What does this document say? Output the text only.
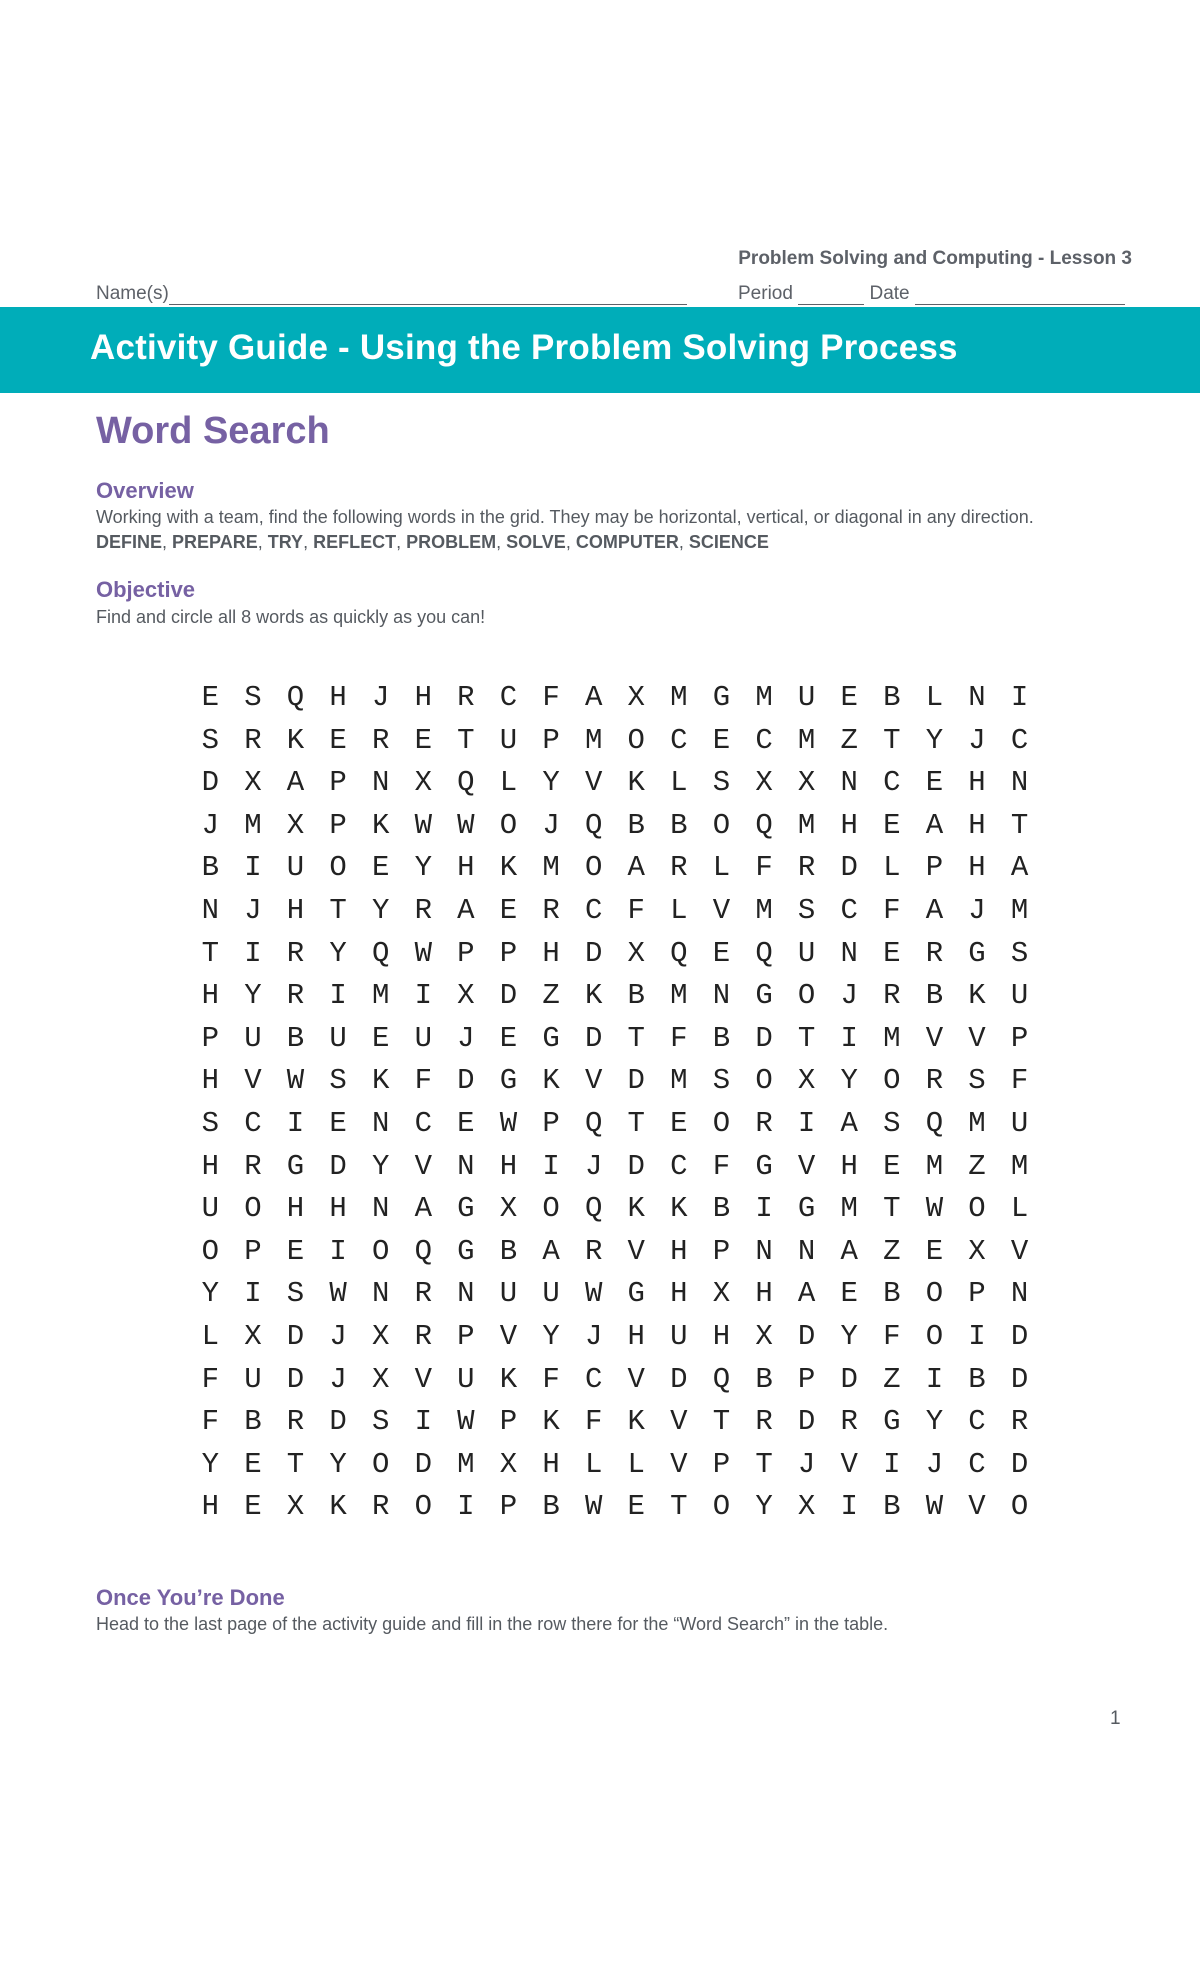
Problem Solving and Computing - Lesson 3
Name(s)	Period	Date
Activity Guide - Using the Problem Solving Process
Word Search
Overview
Working with a team, find the following words in the grid. They may be horizontal, vertical, or diagonal in any direction.
DEFINE, PREPARE, TRY, REFLECT, PROBLEM, SOLVE, COMPUTER, SCIENCE
Objective
Find and circle all 8 words as quickly as you can!
E S Q H J H R C F A X M G M U E B L N I
S R K E R E T U P M O C E C M Z T Y J C
D X A P N X Q L Y V K L S X X N C E H N
J M X P K W W O J Q B B O Q M H E A H T
B I U O E Y H K M O A R L F R D L P H A
N J H T Y R A E R C F L V M S C F A J M
T I R Y Q W P P H D X Q E Q U N E R G S
H Y R I M I X D Z K B M N G O J R B K U
P U B U E U J E G D T F B D T I M V V P
H V W S K F D G K V D M S O X Y O R S F
S C I E N C E W P Q T E O R I A S Q M U
H R G D Y V N H I J D C F G V H E M Z M
U O H H N A G X O Q K K B I G M T W O L
O P E I O Q G B A R V H P N N A Z E X V
Y I S W N R N U U W G H X H A E B O P N
L X D J X R P V Y J H U H X D Y F O I D
F U D J X V U K F C V D Q B P D Z I B D
F B R D S I W P K F K V T R D R G Y C R
Y E T Y O D M X H L L V P T J V I J C D
H E X K R O I P B W E T O Y X I B W V O
Once You’re Done
Head to the last page of the activity guide and fill in the row there for the “Word Search” in the table.
1
